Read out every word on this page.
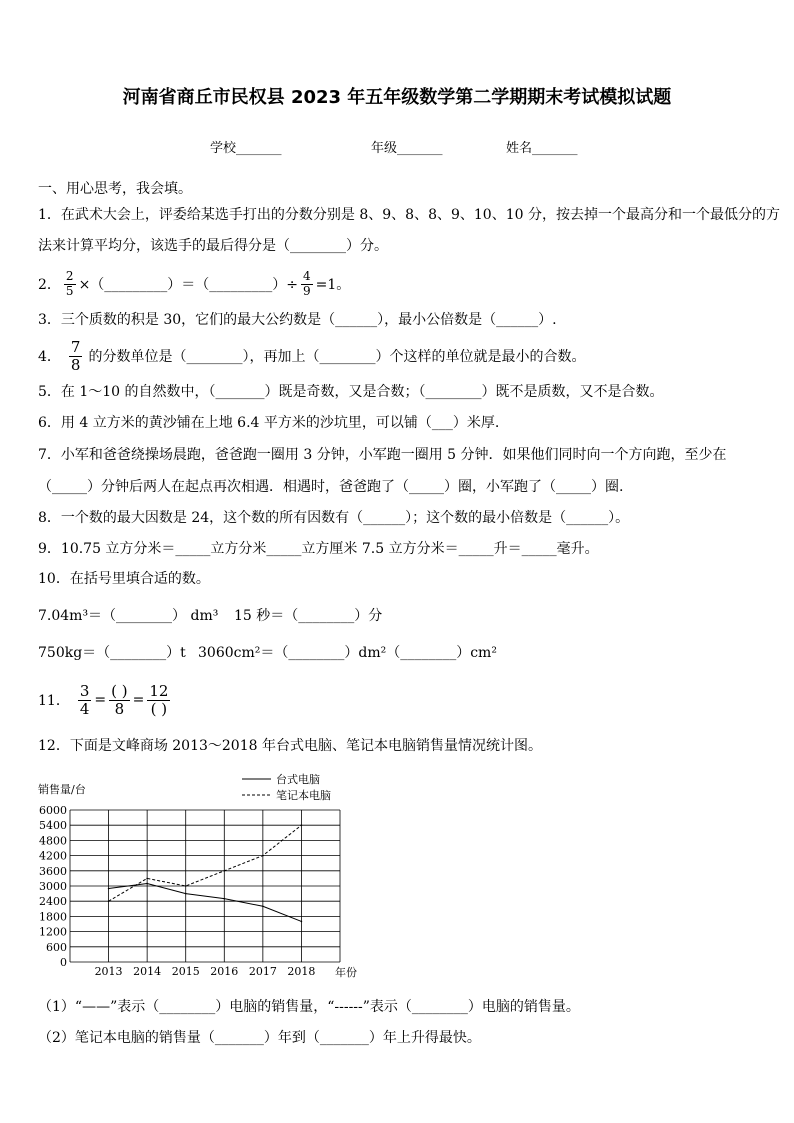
河南省商丘市民权县 2023 年五年级数学第二学期期末考试模拟试题
学校_______	年级_______	姓名_______
一、用心思考，我会填。
1．在武术大会上，评委给某选手打出的分数分别是 8、9、8、8、9、10、10 分，按去掉一个最高分和一个最低分的方
法来计算平均分，该选手的最后得分是（________）分。
2． $\frac{2}{5}$ ×（_________）＝（_________）÷ $\frac{4}{9} =1$。
3．三个质数的积是 30，它们的最大公约数是（______），最小公倍数是（______）.
4． $\frac{7}{8}$ 的分数单位是（________），再加上（________）个这样的单位就是最小的合数。
5．在 1～10 的自然数中，（_______）既是奇数，又是合数；（________）既不是质数，又不是合数。
6．用 4 立方米的黄沙铺在上地 6.4 平方米的沙坑里，可以铺（___）米厚.
7．小军和爸爸绕操场晨跑，爸爸跑一圈用 3 分钟，小军跑一圈用 5 分钟．如果他们同时向一个方向跑，至少在
（_____）分钟后两人在起点再次相遇．相遇时，爸爸跑了（_____）圈，小军跑了（_____）圈.
8．一个数的最大因数是 24，这个数的所有因数有（______）；这个数的最小倍数是（______）。
9．10.75 立方分米＝_____立方分米_____立方厘米 7.5 立方分米＝_____升＝_____毫升。
10．在括号里填合适的数。
7.04m³＝（________） dm³ 15 秒＝（________）分
750kg＝（________）t 3060cm²＝（________）dm²（________）cm²
11． $\frac{3}{4} = \frac{( )}{8} = \frac{12}{( )}$
12．下面是文峰商场 2013～2018 年台式电脑、笔记本电脑销售量情况统计图。
0
600
1200
1800
2400
3000
3600
4200
4800
5400
6000
2013 2014 2015 2016 2017 2018
销售量/台
年份
台式电脑
笔记本电脑
（1）“——”表示（________）电脑的销售量，“------”表示（________）电脑的销售量。
（2）笔记本电脑的销售量（_______）年到（_______）年上升得最快。
